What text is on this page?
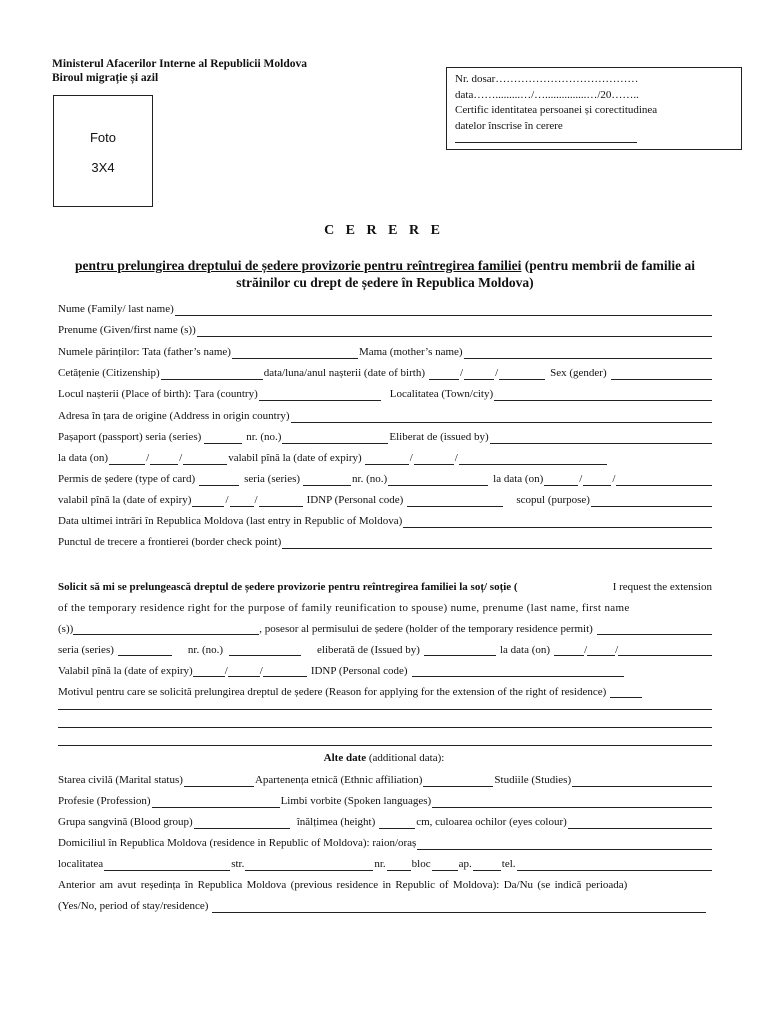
Ministerul Afacerilor Interne al Republicii Moldova
Biroul migrație și azil
Foto
3X4
Nr. dosar…………………………………
data…….........…/…...............…/20……..
Certific identitatea persoanei și corectitudinea
datelor înscrise în cerere
C E R E R E
pentru prelungirea dreptului de ședere provizorie pentru reîntregirea familiei (pentru membrii de familie ai străinilor cu drept de ședere în Republica Moldova)
Nume (Family/ last name)
Prenume (Given/first name (s))
Numele părinților: Tata (father’s name)	Mama (mother’s name)
Cetățenie (Citizenship)	data/luna/anul nașterii (date of birth)	/	/	Sex (gender)
Locul nașterii (Place of birth): Țara (country)	Localitatea (Town/city)
Adresa în țara de origine (Address in origin country)
Pașaport (passport) seria (series)	nr. (no.)	Eliberat de (issued by)
la data (on)	/	/	valabil pînă la (date of expiry)	/	/
Permis de ședere (type of card)	seria (series)	nr. (no.)	la data (on)	/	/
valabil pînă la (date of expiry)	/ /	IDNP (Personal code)	scopul (purpose)
Data ultimei intrări în Republica Moldova (last entry in Republic of Moldova)
Punctul de trecere a frontierei (border check point)
Solicit să mi se prelungească dreptul de ședere provizorie pentru reîntregirea familiei la soț/ soție (	I request the extension
of the temporary residence right for the purpose of family reunification to spouse) nume, prenume (last name, first name
(s))	, posesor al permisului de ședere (holder of the temporary residence permit)
seria (series)	nr. (no.)	eliberată de (Issued by)	la data (on)	/	/
Valabil pînă la (date of expiry)	/	/	IDNP (Personal code)
Motivul pentru care se solicită prelungirea dreptul de ședere (Reason for applying for the extension of the right of residence)
Alte date (additional data):
Starea civilă (Marital status)	Apartenența etnică (Ethnic affiliation)	Studiile (Studies)
Profesie (Profession)	Limbi vorbite (Spoken languages)
Grupa sangvină (Blood group)	înălțimea (height)	cm, culoarea ochilor (eyes colour)
Domiciliul în Republica Moldova (residence in Republic of Moldova): raion/oraș
localitatea	str.	nr. bloc	ap.	tel.
Anterior am avut reședința în Republica Moldova (previous residence in Republic of Moldova): Da/Nu (se indică perioada)
(Yes/No, period of stay/residence)
